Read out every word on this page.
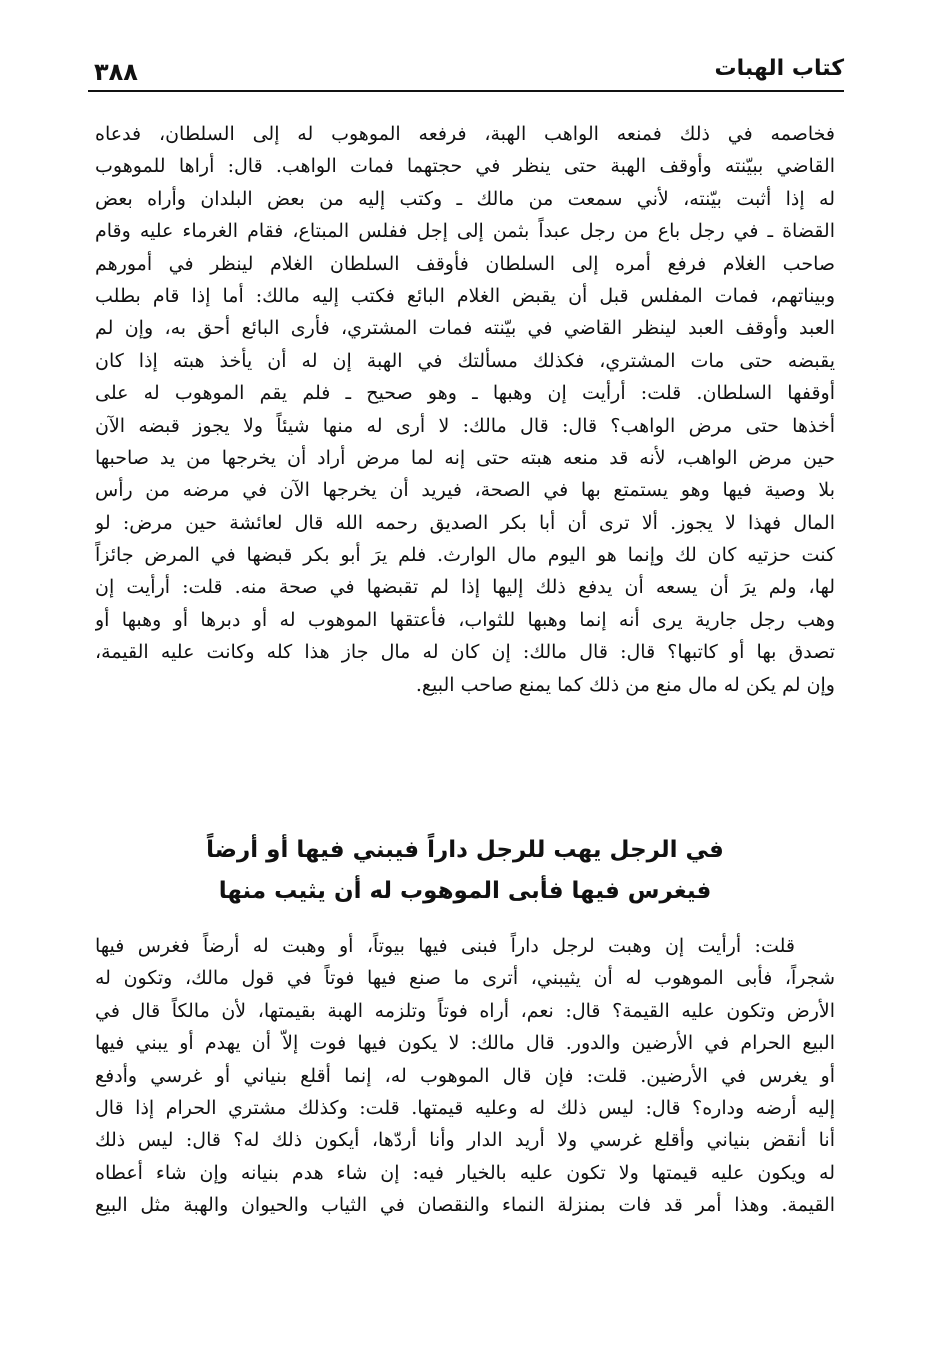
٣٨٨	كتاب الهبات
فخاصمه في ذلك فمنعه الواهب الهبة، فرفعه الموهوب له إلى السلطان، فدعاه
القاضي ببيّنته وأوقف الهبة حتى ينظر في حجتهما فمات الواهب. قال: أراها للموهوب
له إذا أثبت بيّنته، لأني سمعت من مالك ـ وكتب إليه من بعض البلدان وأراه بعض
القضاة ـ في رجل باع من رجل عبداً بثمن إلى إجل ففلس المبتاع، فقام الغرماء عليه وقام
صاحب الغلام فرفع أمره إلى السلطان فأوقف السلطان الغلام لينظر في أمورهم
وبيناتهم، فمات المفلس قبل أن يقبض الغلام البائع فكتب إليه مالك: أما إذا قام بطلب
العبد وأوقف العبد لينظر القاضي في بيّنته فمات المشتري، فأرى البائع أحق به، وإن لم
يقبضه حتى مات المشتري، فكذلك مسألتك في الهبة إن له أن يأخذ هبته إذا كان
أوقفها السلطان. قلت: أرأيت إن وهبها ـ وهو صحيح ـ فلم يقم الموهوب له على
أخذها حتى مرض الواهب؟ قال: قال مالك: لا أرى له منها شيئاً ولا يجوز قبضه الآن
حين مرض الواهب، لأنه قد منعه هبته حتى إنه لما مرض أراد أن يخرجها من يد صاحبها
بلا وصية فيها وهو يستمتع بها في الصحة، فيريد أن يخرجها الآن في مرضه من رأس
المال فهذا لا يجوز. ألا ترى أن أبا بكر الصديق رحمه الله قال لعائشة حين مرض: لو
كنت حزتيه كان لك وإنما هو اليوم مال الوارث. فلم يرَ أبو بكر قبضها في المرض جائزاً
لها، ولم يرَ أن يسعه أن يدفع ذلك إليها إذا لم تقبضها في صحة منه. قلت: أرأيت إن
وهب رجل جارية يرى أنه إنما وهبها للثواب، فأعتقها الموهوب له أو دبرها أو وهبها أو
تصدق بها أو كاتبها؟ قال: قال مالك: إن كان له مال جاز هذا كله وكانت عليه القيمة،
وإن لم يكن له مال منع من ذلك كما يمنع صاحب البيع.
في الرجل يهب للرجل داراً فيبني فيها أو أرضاً
فيغرس فيها فأبى الموهوب له أن يثيب منها
قلت: أرأيت إن وهبت لرجل داراً فبنى فيها بيوتاً، أو وهبت له أرضاً فغرس فيها
شجراً، فأبى الموهوب له أن يثيبني، أترى ما صنع فيها فوتاً في قول مالك، وتكون له
الأرض وتكون عليه القيمة؟ قال: نعم، أراه فوتاً وتلزمه الهبة بقيمتها، لأن مالكاً قال في
البيع الحرام في الأرضين والدور. قال مالك: لا يكون فيها فوت إلاّ أن يهدم أو يبني فيها
أو يغرس في الأرضين. قلت: فإن قال الموهوب له، إنما أقلع بنياني أو غرسي وأدفع
إليه أرضه وداره؟ قال: ليس ذلك له وعليه قيمتها. قلت: وكذلك مشتري الحرام إذا قال
أنا أنقض بنياني وأقلع غرسي ولا أريد الدار وأنا أردّها، أيكون ذلك له؟ قال: ليس ذلك
له ويكون عليه قيمتها ولا تكون عليه بالخيار فيه: إن شاء هدم بنيانه وإن شاء أعطاه
القيمة. وهذا أمر قد فات بمنزلة النماء والنقصان في الثياب والحيوان والهبة مثل البيع
